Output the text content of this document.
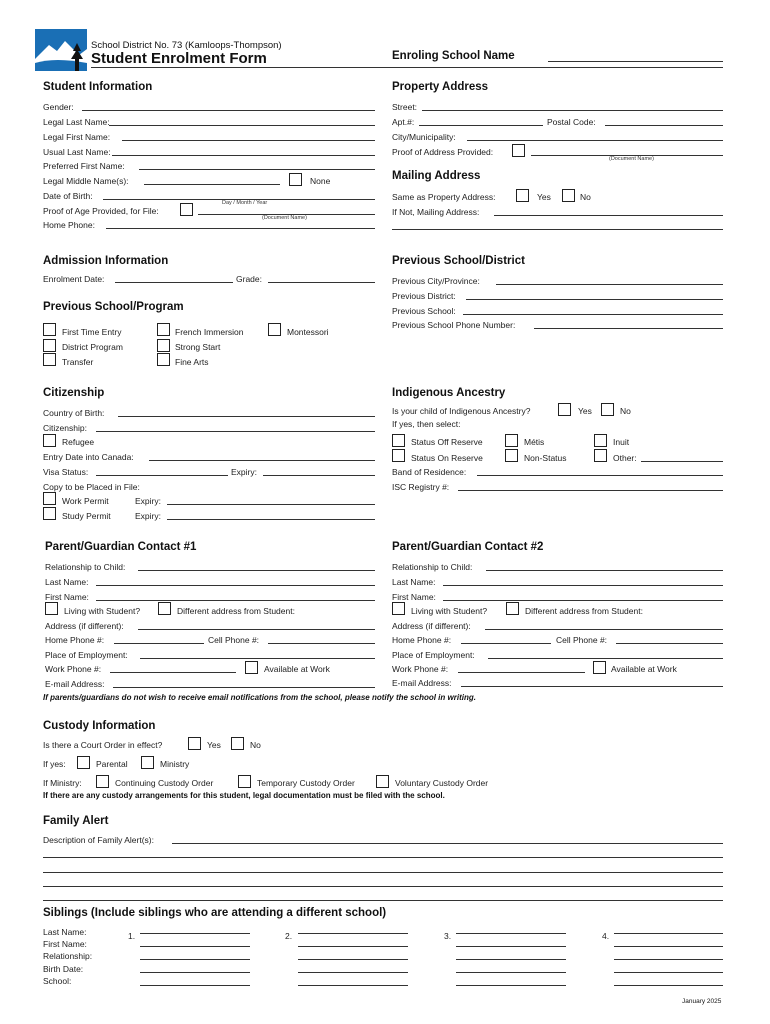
School District No. 73 (Kamloops-Thompson)
Student Enrolment Form	Enroling School Name
Student Information
Gender:
Legal Last Name:
Legal First Name:
Usual Last Name:
Preferred First Name:
Legal Middle Name(s):	None
Date of Birth:
Day / Month / Year
Proof of Age Provided, for File:
(Document Name)
Home Phone:
Property Address
Street:
Apt.#:	Postal Code:
City/Municipality:
Proof of Address Provided:
(Document Name)
Mailing Address
Same as Property Address:	Yes	No
If Not, Mailing Address:
Admission Information
Enrolment Date:	Grade:
Previous School/Program
First Time Entry	French Immersion	Montessori
District Program	Strong Start
Transfer	Fine Arts
Previous School/District
Previous City/Province:
Previous District:
Previous School:
Previous School Phone Number:
Citizenship
Country of Birth:
Citizenship:
Refugee
Entry Date into Canada:
Visa Status:	Expiry:
Copy to be Placed in File:
Work Permit	Expiry:
Study Permit	Expiry:
Indigenous Ancestry
Is your child of Indigenous Ancestry?	Yes	No
If yes, then select:
Status Off Reserve	Métis	Inuit
Status On Reserve	Non-Status	Other:
Band of Residence:
ISC Registry #:
Parent/Guardian Contact #1
Relationship to Child:
Last Name:
First Name:
Living with Student?	Different address from Student:
Address (if different):
Home Phone #:	Cell Phone #:
Place of Employment:
Work Phone #:	Available at Work
E-mail Address:
Parent/Guardian Contact #2
Relationship to Child:
Last Name:
First Name:
Living with Student?	Different address from Student:
Address (if different):
Home Phone #:	Cell Phone #:
Place of Employment:
Work Phone #:	Available at Work
E-mail Address:
If parents/guardians do not wish to receive email notifications from the school, please notify the school in writing.
Custody Information
Is there a Court Order in effect?	Yes	No
If yes:	Parental	Ministry
If Ministry:	Continuing Custody Order	Temporary Custody Order	Voluntary Custody Order
If there are any custody arrangements for this student, legal documentation must be filed with the school.
Family Alert
Description of Family Alert(s):
Siblings (Include siblings who are attending a different school)
Last Name:
First Name:
Relationship:
Birth Date:
School:
1.	2.	3.	4.
January 2025
